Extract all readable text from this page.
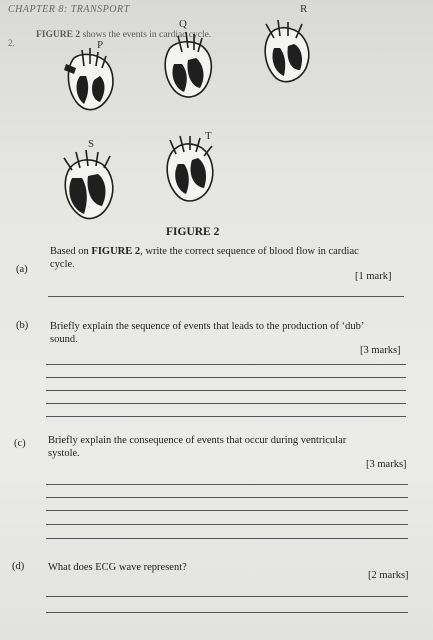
CHAPTER 8: TRANSPORT
2.
FIGURE 2 shows the events in cardiac cycle.
P
Q
R
S
T
FIGURE 2
(a)
Based on FIGURE 2, write the correct sequence of blood flow in cardiac
cycle.
[1 mark]
(b) Briefly explain the sequence of events that leads to the production of ‘dub’
sound.
[3 marks]
(c) Briefly explain the consequence of events that occur during ventricular
systole.
[3 marks]
(d) What does ECG wave represent?
[2 marks]
